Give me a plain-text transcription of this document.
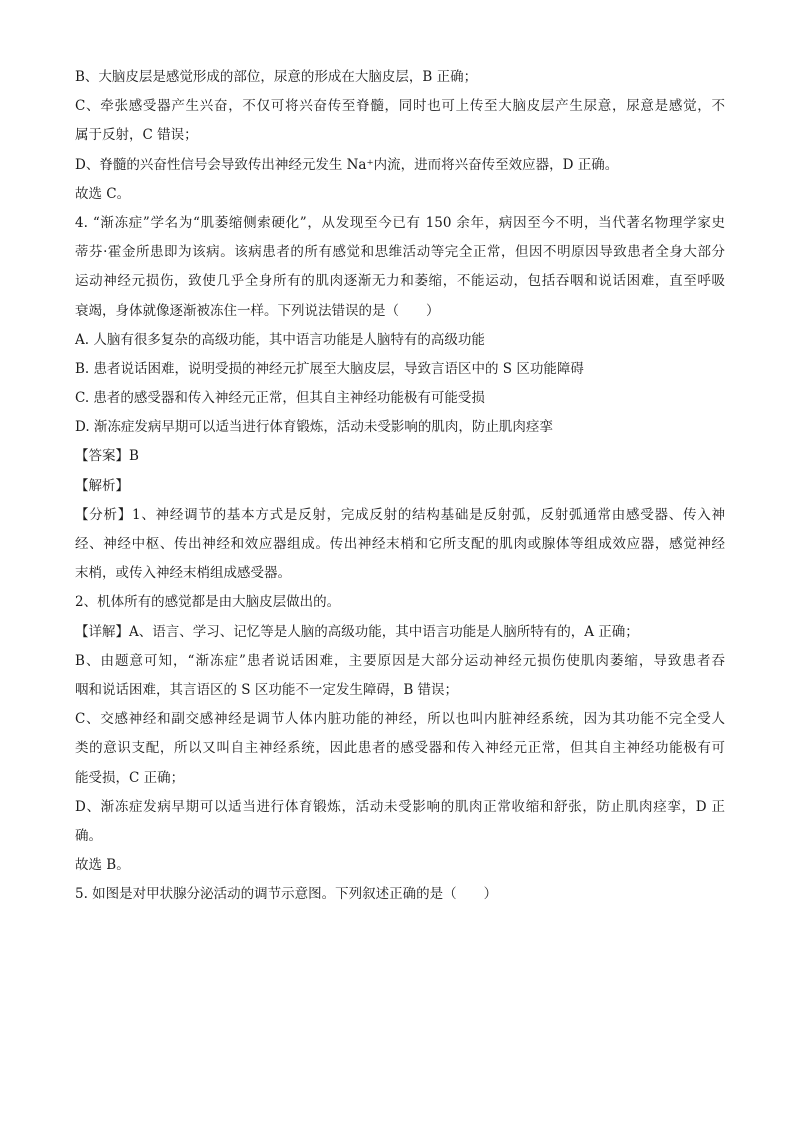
B、大脑皮层是感觉形成的部位，尿意的形成在大脑皮层，B 正确；
C、牵张感受器产生兴奋，不仅可将兴奋传至脊髓，同时也可上传至大脑皮层产生尿意，尿意是感觉，不
属于反射，C 错误；
D、脊髓的兴奋性信号会导致传出神经元发生 Na⁺内流，进而将兴奋传至效应器，D 正确。
故选 C。
4. “渐冻症”学名为“肌萎缩侧索硬化”，从发现至今已有 150 余年，病因至今不明，当代著名物理学家史
蒂芬·霍金所患即为该病。该病患者的所有感觉和思维活动等完全正常，但因不明原因导致患者全身大部分
运动神经元损伤，致使几乎全身所有的肌肉逐渐无力和萎缩，不能运动，包括吞咽和说话困难，直至呼吸
衰竭，身体就像逐渐被冻住一样。下列说法错误的是（　　）
A. 人脑有很多复杂的高级功能，其中语言功能是人脑特有的高级功能
B. 患者说话困难，说明受损的神经元扩展至大脑皮层，导致言语区中的 S 区功能障碍
C. 患者的感受器和传入神经元正常，但其自主神经功能极有可能受损
D. 渐冻症发病早期可以适当进行体育锻炼，活动未受影响的肌肉，防止肌肉痉挛
【答案】B
【解析】
【分析】1、神经调节的基本方式是反射，完成反射的结构基础是反射弧，反射弧通常由感受器、传入神
经、神经中枢、传出神经和效应器组成。传出神经末梢和它所支配的肌肉或腺体等组成效应器，感觉神经
末梢，或传入神经末梢组成感受器。
2、机体所有的感觉都是由大脑皮层做出的。
【详解】A、语言、学习、记忆等是人脑的高级功能，其中语言功能是人脑所特有的，A 正确；
B、由题意可知，“渐冻症”患者说话困难，主要原因是大部分运动神经元损伤使肌肉萎缩，导致患者吞
咽和说话困难，其言语区的 S 区功能不一定发生障碍，B 错误；
C、交感神经和副交感神经是调节人体内脏功能的神经，所以也叫内脏神经系统，因为其功能不完全受人
类的意识支配，所以又叫自主神经系统，因此患者的感受器和传入神经元正常，但其自主神经功能极有可
能受损，C 正确；
D、渐冻症发病早期可以适当进行体育锻炼，活动未受影响的肌肉正常收缩和舒张，防止肌肉痉挛，D 正
确。
故选 B。
5. 如图是对甲状腺分泌活动的调节示意图。下列叙述正确的是（　　）
